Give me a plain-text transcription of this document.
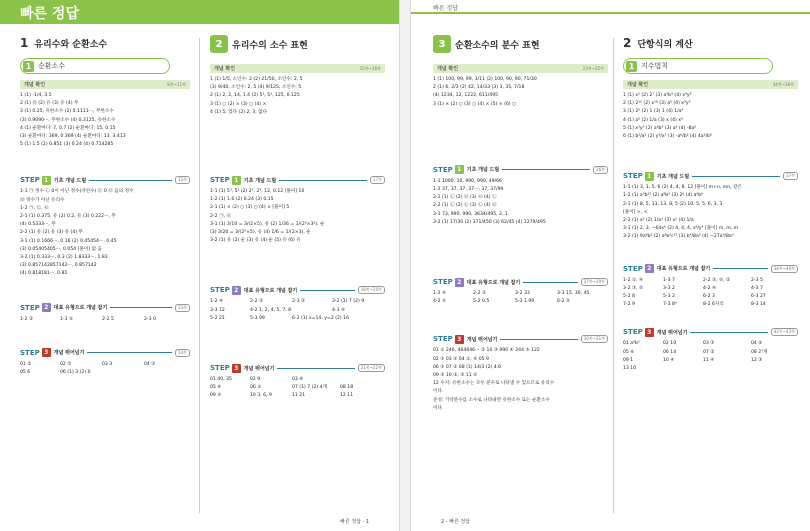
빠른 정답
1 유리수와 순환소수
1 순환소수
개념 확인	8쪽~11쪽
1 (1) -1/4, 3.5
2 (1) 유 (2) 유 (3) 유 (4) 무
3 (1) 0.25, 유한소수 (2) 0.1111···, 무한소수
(3) 0.9090···, 무한소수 (4) 0.3125, 유한소수
4 (1) 순환마디: 7, 0.7̇ (2) 순환마디: 15, 0.1̇5̇
(3) 순환마디: 369, 0.3̇6̇9̇ (4) 순환마디: 13, 3.4̇1̇3̇
5 (1) 1.5̇ (2) 0.8̇5̇1̇ (3) 0.2̇4̇ (4) 0.7̇1̇4̇28̇5̇
STEP 1	기초 개념 드릴	12쪽
1-1 ㉠ 정수 ㉡ 0이 아닌 정수(자연수) ㉢ 0 ㉣ 음의 정수
㉤ 정수가 아닌 유리수
1-2 ㉠, ㉢, ㉣
2-1 (1) 0.375, 유 (2) 0.2, 유 (3) 0.222···, 무
(4) 0.5333···, 무
2-2 (1) 유 (2) 유 (3) 유 (4) 무
3-1 (1) 0.1666···, 0.16̇ (2) 0.45454···, 0.4̇5̇
(3) 0.05405405···, 0.0̇54̇ [풀이] 없 음
3-2 (1) 0.333···, 0.3̇ (2) 1.8333···, 1.83̇
(3) 0.857142857142···, 0.8̇57142̇
(4) 0.818181···, 0.8̇1̇
STEP 2	대표 유형으로 개념 잡기	13쪽
1-2 ②	1-3 ⑤	2-2 5	2-3 0
STEP 3	개념 뛰어넘기	14쪽
01 ②	02 ③	03 3	04 ③
05 6	06 (1) 3 (2) 0
2	유리수의 소수 표현
개념 확인	15쪽~16쪽
1 (1) 1/5, 소인수: 2 (2) 21/50, 소인수: 2, 5
(3) 9/40, 소인수: 2, 5 (4) 9/125, 소인수: 5
2 (1) 2, 2, 14, 1.4 (2) 5³, 5³, 125, 0.125
3 (1) ○ (2) × (3) ○ (4) ×
4 (1) 5, 있다 (2) 2, 3, 없다
STEP 1	기초 개념 드릴	17쪽
1-1 (1) 5³, 5³ (2) 2², 2², 12, 0.12 [풀이] 10
1-2 (1) 1.6 (2) 0.24 (3) 0.15
2-1 (1) × (2) ○ (3) ○ (4) × [풀이] 5
2-2 ㉠, ㉣
3-1 (1) 3/10 = 3/(2×5), 유 (2) 1/36 = 1/(2²×3²), 순
(3) 3/20 = 3/(2²×5), 유 (4) 1/6 = 1/(2×3), 순
3-2 (1) 유 (2) 순 (3) 유 (4) 순 (5) 유 (6) 유
STEP 2	대표 유형으로 개념 잡기	18쪽~20쪽
1-2 ④	2-2 ③	2-3 ③	3-2 (1) 7 (2) 9
3-3 12	4-2 1, 2, 4, 5, 7, 8	4-3 ④
5-2 21	5-3 99	6-2 (1) x=14, y=2 (2) 16
STEP 3	개념 뛰어넘기	21쪽~22쪽
01 40, 35	02 9	03 ④
05 ④	06 ①	07 (1) 7 (2) 4개	08 18
09 ⑤	10 3, 6, 9	11 21	12 11
빠른 정답 · 1
빠른 정답
3	순환소수의 분수 표현
개념 확인	23쪽~25쪽
1 (1) 100, 99, 99, 3/11 (2) 100, 90, 90, 71/30
2 (1) 6, 2/3 (2) 42, 14/33 (3) 3, 35, 7/18
(4) 1234, 12, 1222, 611/495
3 (1) × (2) ○ (3) ○ (4) × (5) × (6) ○
STEP 1	기초 개념 드릴	26쪽
1-1 1000, 10, 990, 990, 49/66
1-2 37, 37, 37, 37···, 37, 37/99
2-1 (1) ㉡ (2) ㉣ (3) ㉣ (4) ㉡
2-2 (1) ㉡ (2) ㉢ (3) ㉡ (4) ㉣
3-1 73, 990, 990, 3634/495, 2, 1
3-2 (1) 17/30 (2) 371/450 (3) 62/45 (4) 1279/495
STEP 2	대표 유형으로 개념 잡기	27쪽~29쪽
1-2 ④	2-2 ②	3-2 33	3-3 15, 30, 45
4-2 ⑤	5-2 0.5̇	5-3 1.0̇9̇	6-2 ⑤
STEP 3	개념 뛰어넘기	30쪽~31쪽
01 ① 246, 464646··· ② 10 ③ 990 ④ 244 ⑤ 122
02 ③ 03 ⑤ 04 ①, ④ 05 9
06 ③ 07 ② 08 (1) 14/3 (2) 4.6̇
09 ③ 10 ②, ③ 11 ⑤
12 수지: 유한소수는 모두 분수로 나타낼 수 있으므로 유리수
이다.
준성: 기약분수를 소수로 나타내면 유한소수 또는 순환소수
이다.
2 단항식의 계산
1 지수법칙
개념 확인	34쪽~36쪽
1 (1) x⁵ (2) 2⁷ (3) a⁹b⁴ (4) x⁴y⁵
2 (1) 2¹⁰ (2) x¹⁸ (3) a⁶ (4) x⁹y⁵
3 (1) 2⁵ (2) 1 (3) 1 (4) 1/a⁴
4 (1) a⁶ (2) 1/a (3) x (4) x⁶
5 (1) x³y³ (2) a⁶b⁹ (3) a⁴ (4) -8a⁶
6 (1) b²/a² (2) y⁹/x³ (3) -a⁶/b³ (4) 4a²/b⁶
STEP 1	기초 개념 드릴	37쪽
1-1 (1) 3, 1, 5, 6 (2) 4, 4, 8, 12 [풀이] m+n, mn, 같은
1-2 (1) a⁹b¹⁵ (2) a⁸b³ (3) 2⁶ (4) a⁶b⁶
2-1 (1) 8, 5, 13, 13, 8, 5 (2) 10, 5, 5, 6, 3, 3
[풀이] >, <
2-2 (1) x² (2) 1/a³ (3) x² (4) 1/a
3-1 (1) 2, 3, −64x⁶ (2) 4, 4, 4, x⁸/y⁴ [풀이] m, m, m
3-2 (1) 9a⁸b² (2) a⁶b³c¹⁵ (3) b⁴/8a³ (4) −27a⁹/8a³
STEP 2	대표 유형으로 개념 잡기	38쪽~40쪽
1-2 ①, ④	1-3 7	2-2 ③, ⑤, ②	2-3 5
3-2 ③, ⑤	3-3 2	4-2 ④	4-3 7
5-2 8	5-3 2	6-2 3	6-3 27
7-2 9	7-3 8⁴	8-2 6자리	8-3 14
STEP 3	개념 뛰어넘기	42쪽~43쪽
01 a⁶b³	02 10	03 ③	04 ⑤
05 ⑥	06 14	07 ②	08 2⁷개
09 1	10 ④	11 ④	12 ③
13 10
2 - 빠른 정답
